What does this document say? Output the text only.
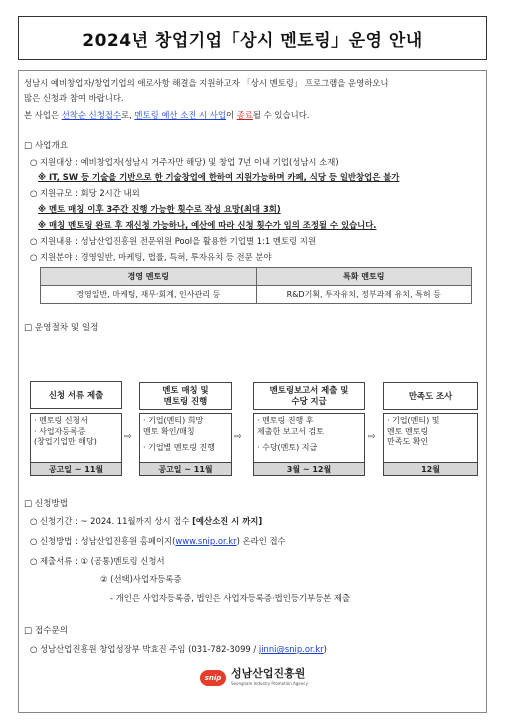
2024년 창업기업「상시 멘토링」운영 안내
성남시 예비창업자/창업기업의 애로사항 해결을 지원하고자 「상시 멘토링」 프로그램을 운영하오니
많은 신청과 참여 바랍니다.
본 사업은 선착순 신청접수로, 멘토링 예산 소진 시 사업이 종료될 수 있습니다.
□ 사업개요
○ 지원대상 : 예비창업자(성남시 거주자만 해당) 및 창업 7년 이내 기업(성남시 소재)
※ IT, SW 등 기술을 기반으로 한 기술창업에 한하여 지원가능하며 카페, 식당 등 일반창업은 불가
○ 지원규모 : 회당 2시간 내외
※ 멘토 매칭 이후 3주간 진행 가능한 횟수로 작성 요망(최대 3회)
※ 매칭 멘토링 완료 후 재신청 가능하나, 예산에 따라 신청 횟수가 임의 조정될 수 있습니다.
○ 지원내용 : 성남산업진흥원 전문위원 Pool을 활용한 기업별 1:1 멘토링 지원
○ 지원분야 : 경영일반, 마케팅, 법률, 특허, 투자유치 등 전문 분야
경영 멘토링	특화 멘토링
경영일반, 마케팅, 재무·회계, 인사관리 등	R&D기획, 투자유치, 정부과제 유치, 특허 등
□ 운영절차 및 일정
신청 서류 제출
· 멘토링 신청서
· 사업자등록증
(창업기업만 해당)
공고일 ~ 11월
⇨
멘토 매칭 및
멘토링 진행
· 기업(멘티) 희망
멘토 확인/매칭
· 기업별 멘토링 진행
공고일 ~ 11월
⇨
멘토링보고서 제출 및
수당 지급
· 멘토링 진행 후
제출한 보고서 검토
· 수당(멘토) 지급
3월 ~ 12월
⇨
만족도 조사
· 기업(멘티) 및
멘토 멘토링
만족도 확인
12월
□ 신청방법
○ 신청기간 : ~ 2024. 11월까지 상시 접수 [예산소진 시 까지]
○ 신청방법 : 성남산업진흥원 홈페이지(www.snip.or.kr) 온라인 접수
○ 제출서류 : ① (공통)멘토링 신청서
② (선택)사업자등록증
- 개인은 사업자등록증, 법인은 사업자등록증·법인등기부등본 제출
□ 접수문의
○ 성남산업진흥원 창업성장부 박효진 주임 (031-782-3099 / jinni@snip.or.kr)
snip 성남산업진흥원
Seongnam Industry Promotion Agency
